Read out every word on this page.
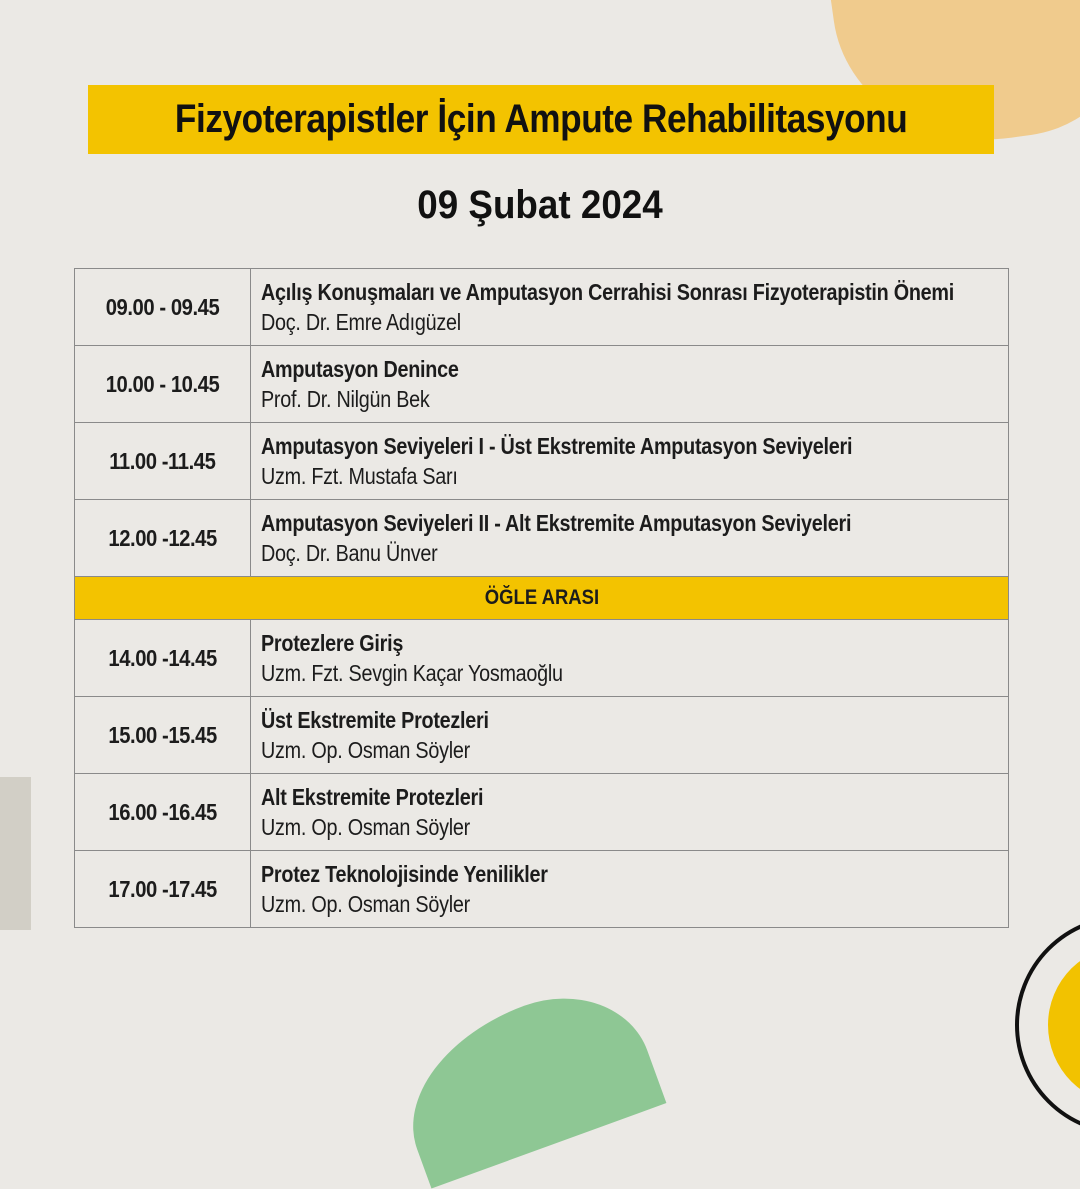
Fizyoterapistler İçin Ampute Rehabilitasyonu
09 Şubat 2024
09.00 - 09.45	Açılış Konuşmaları ve Amputasyon Cerrahisi Sonrası Fizyoterapistin Önemi
Doç. Dr. Emre Adıgüzel

10.00 - 10.45	Amputasyon Denince
Prof. Dr. Nilgün Bek

11.00 -11.45	Amputasyon Seviyeleri I - Üst Ekstremite Amputasyon Seviyeleri
Uzm. Fzt. Mustafa Sarı

12.00 -12.45	Amputasyon Seviyeleri II - Alt Ekstremite Amputasyon Seviyeleri
Doç. Dr. Banu Ünver

ÖĞLE ARASI	
14.00 -14.45	Protezlere Giriş
Uzm. Fzt. Sevgin Kaçar Yosmaoğlu

15.00 -15.45	Üst Ekstremite Protezleri
Uzm. Op. Osman Söyler

16.00 -16.45	Alt Ekstremite Protezleri
Uzm. Op. Osman Söyler

17.00 -17.45	Protez Teknolojisinde Yenilikler
Uzm. Op. Osman Söyler
